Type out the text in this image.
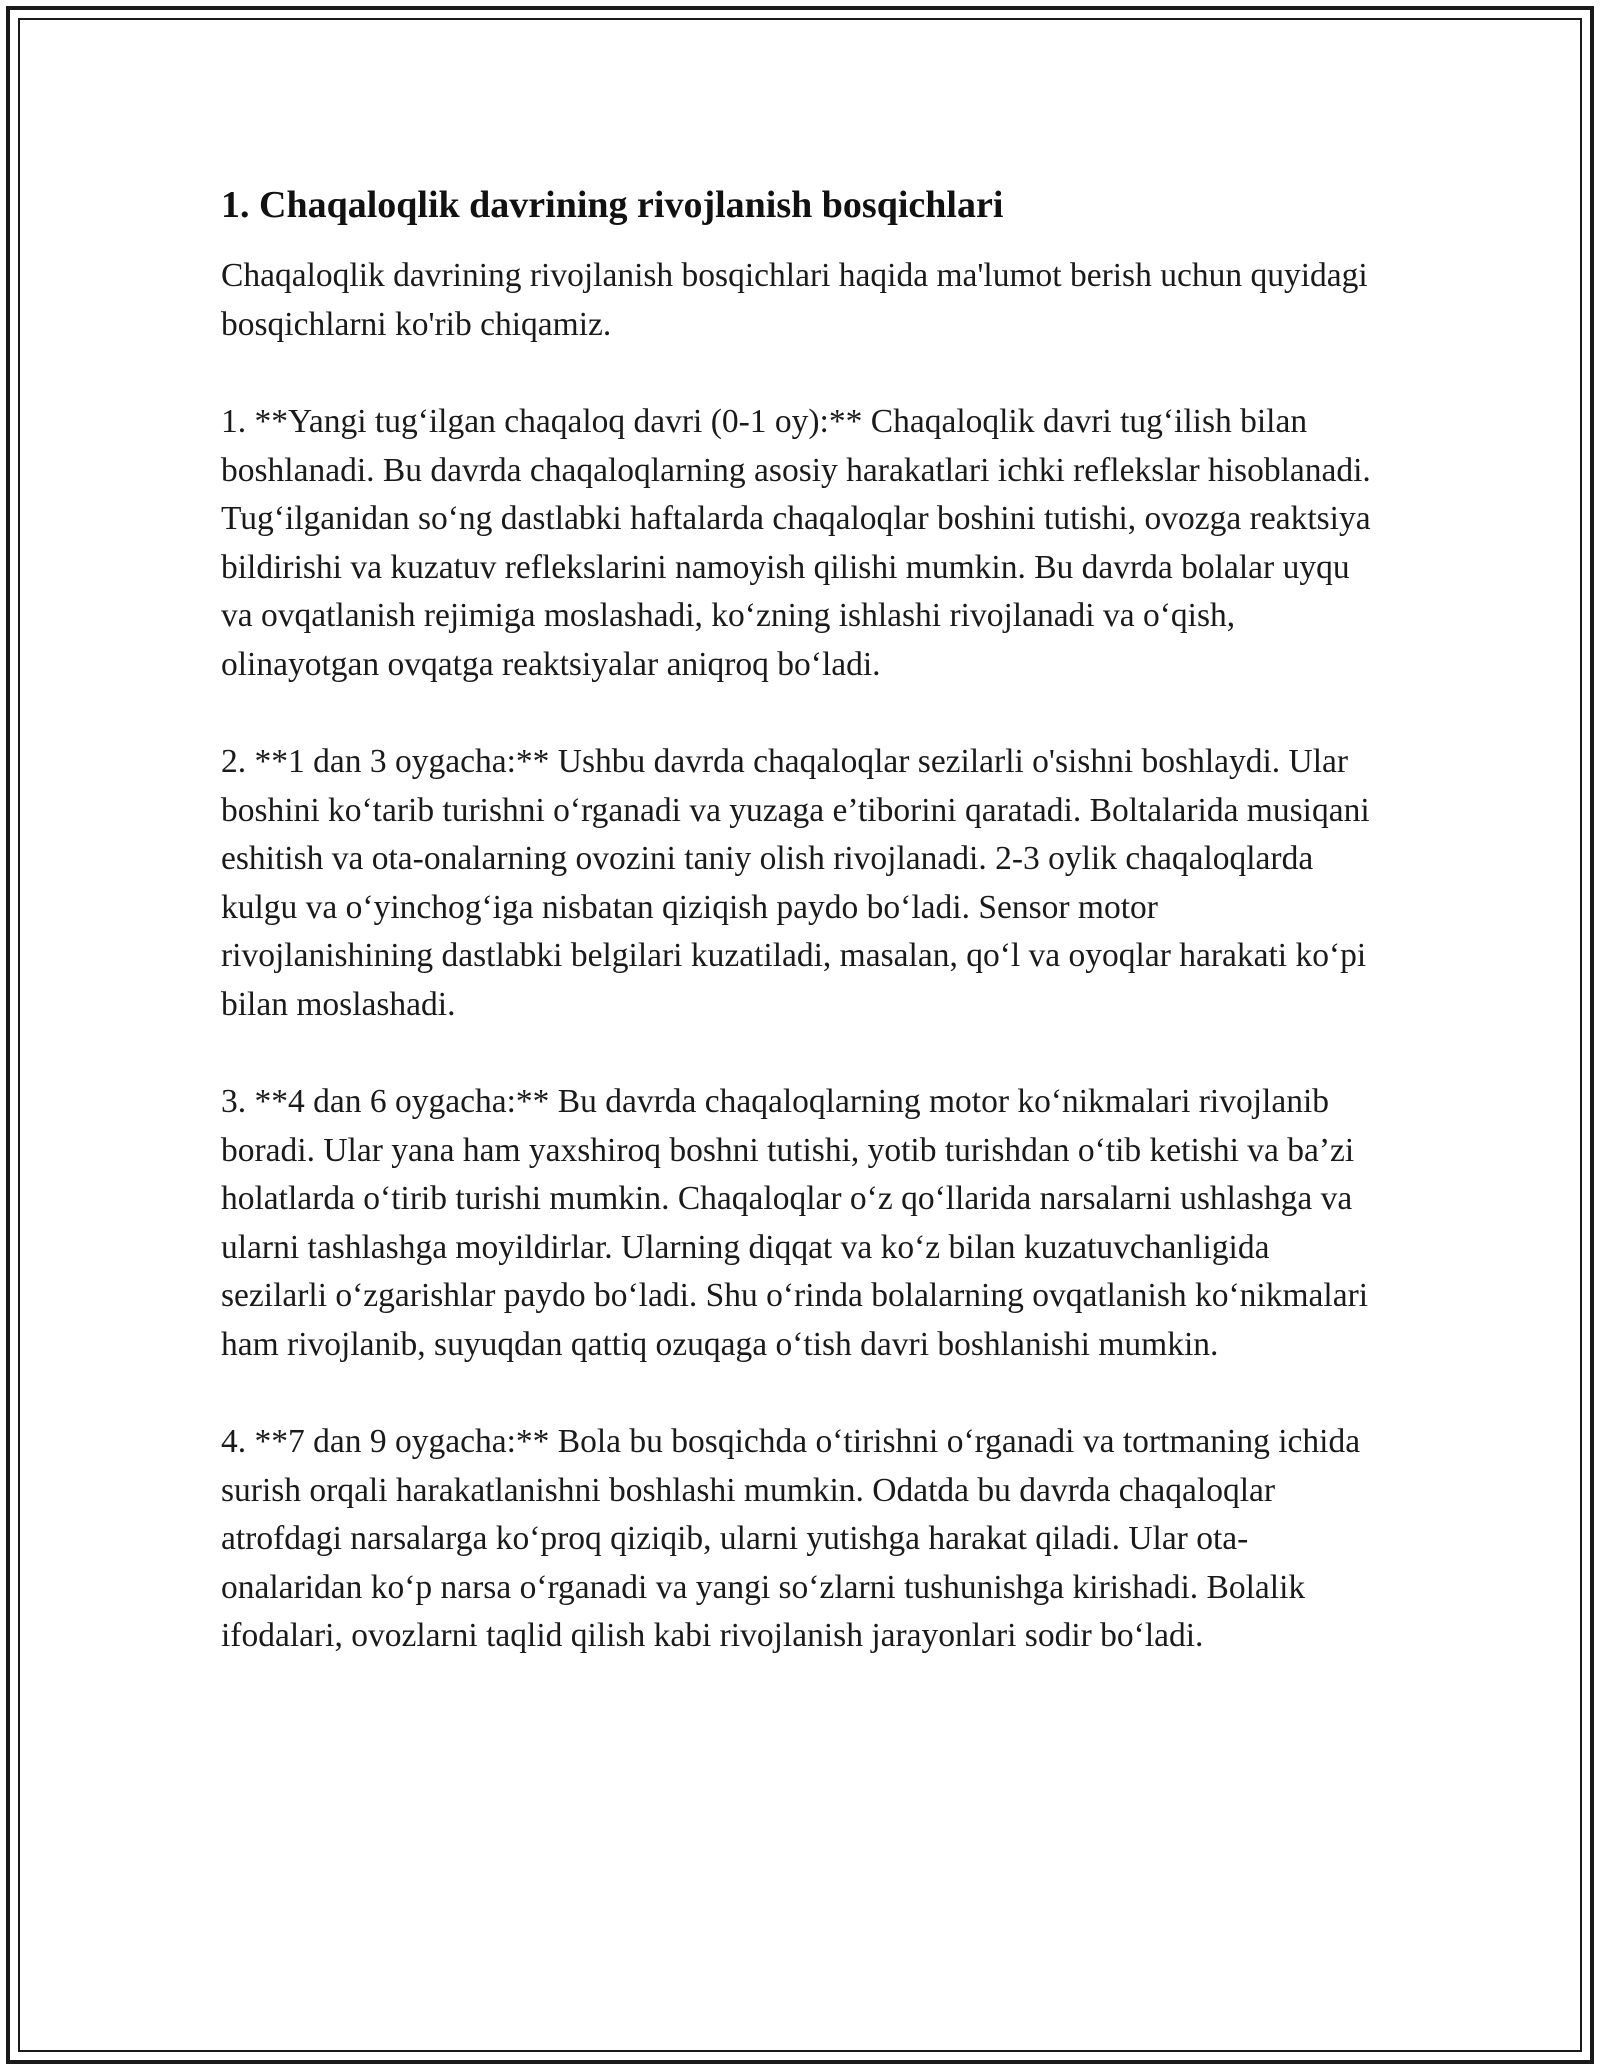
1. Chaqaloqlik davrining rivojlanish bosqichlari

Chaqaloqlik davrining rivojlanish bosqichlari haqida ma'lumot berish uchun quyidagi bosqichlarni ko'rib chiqamiz.

1. **Yangi tug‘ilgan chaqaloq davri (0-1 oy):** Chaqaloqlik davri tug‘ilish bilan boshlanadi. Bu davrda chaqaloqlarning asosiy harakatlari ichki reflekslar hisoblanadi. Tug‘ilganidan so‘ng dastlabki haftalarda chaqaloqlar boshini tutishi, ovozga reaktsiya bildirishi va kuzatuv reflekslarini namoyish qilishi mumkin. Bu davrda bolalar uyqu va ovqatlanish rejimiga moslashadi, ko‘zning ishlashi rivojlanadi va o‘qish, olinayotgan ovqatga reaktsiyalar aniqroq bo‘ladi.

2. **1 dan 3 oygacha:** Ushbu davrda chaqaloqlar sezilarli o'sishni boshlaydi. Ular boshini ko‘tarib turishni o‘rganadi va yuzaga e’tiborini qaratadi. Boltalarida musiqani eshitish va ota-onalarning ovozini taniy olish rivojlanadi. 2-3 oylik chaqaloqlarda kulgu va o‘yinchog‘iga nisbatan qiziqish paydo bo‘ladi. Sensor motor rivojlanishining dastlabki belgilari kuzatiladi, masalan, qo‘l va oyoqlar harakati ko‘pi bilan moslashadi.

3. **4 dan 6 oygacha:** Bu davrda chaqaloqlarning motor ko‘nikmalari rivojlanib boradi. Ular yana ham yaxshiroq boshni tutishi, yotib turishdan o‘tib ketishi va ba’zi holatlarda o‘tirib turishi mumkin. Chaqaloqlar o‘z qo‘llarida narsalarni ushlashga va ularni tashlashga moyildirlar. Ularning diqqat va ko‘z bilan kuzatuvchanligida sezilarli o‘zgarishlar paydo bo‘ladi. Shu o‘rinda bolalarning ovqatlanish ko‘nikmalari ham rivojlanib, suyuqdan qattiq ozuqaga o‘tish davri boshlanishi mumkin.

4. **7 dan 9 oygacha:** Bola bu bosqichda o‘tirishni o‘rganadi va tortmaning ichida surish orqali harakatlanishni boshlashi mumkin. Odatda bu davrda chaqaloqlar atrofdagi narsalarga ko‘proq qiziqib, ularni yutishga harakat qiladi. Ular ota-onalaridan ko‘p narsa o‘rganadi va yangi so‘zlarni tushunishga kirishadi. Bolalik ifodalari, ovozlarni taqlid qilish kabi rivojlanish jarayonlari sodir bo‘ladi.
